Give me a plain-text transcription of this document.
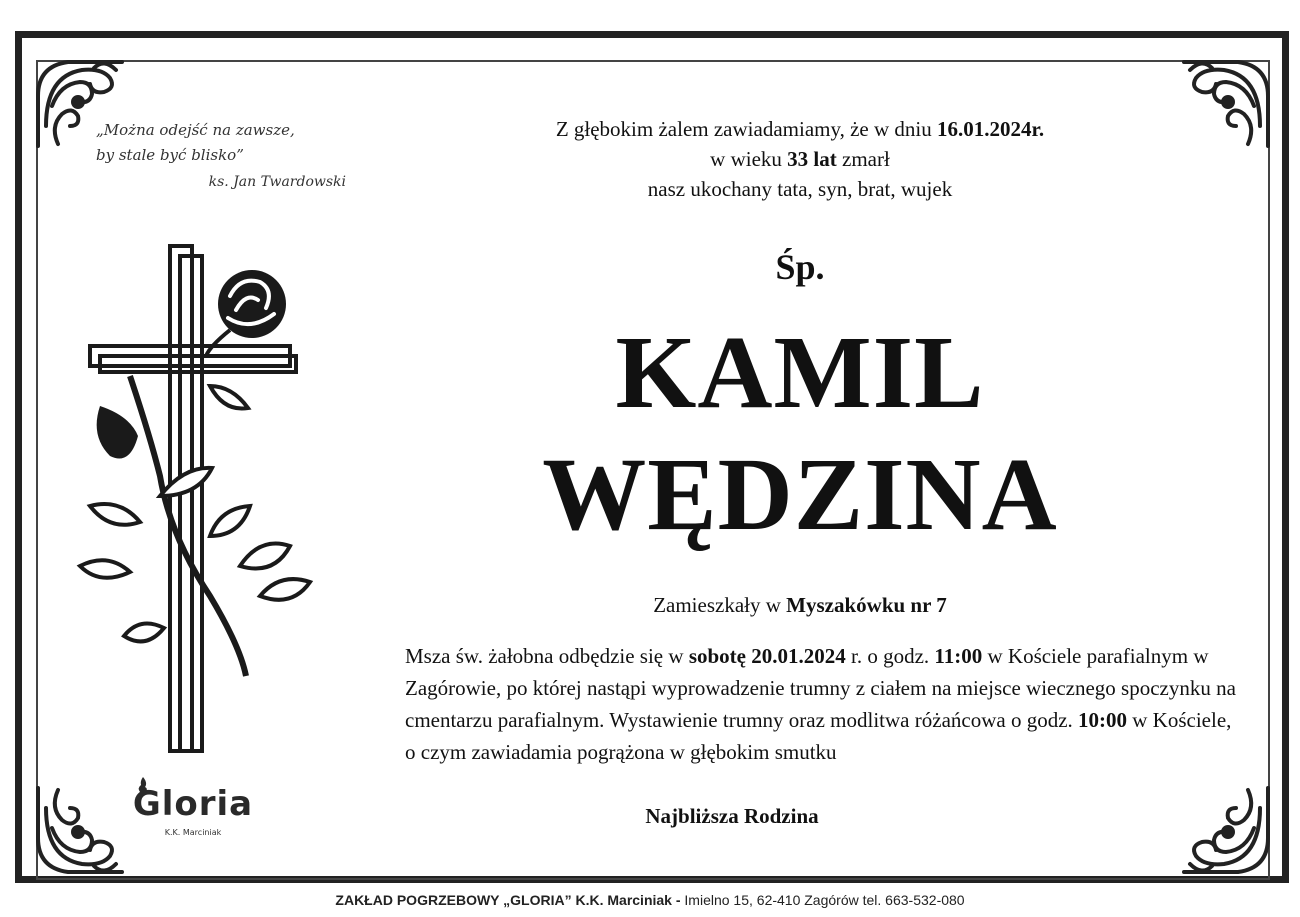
„Można odejść na zawsze,
by stale być blisko”
ks. Jan Twardowski
Gloria
K.K. Marciniak
Z głębokim żalem zawiadamiamy, że w dniu 16.01.2024r.
w wieku 33 lat zmarł
nasz ukochany tata, syn, brat, wujek
Śp.
KAMIL
WĘDZINA
Zamieszkały w Myszakówku nr 7
Msza św. żałobna odbędzie się w sobotę 20.01.2024 r. o godz. 11:00 w Kościele parafialnym w Zagórowie, po której nastąpi wyprowadzenie trumny z ciałem na miejsce wiecznego spoczynku na cmentarzu parafialnym. Wystawienie trumny oraz modlitwa różańcowa o godz. 10:00 w Kościele, o czym zawiadamia pogrążona w głębokim smutku
Najbliższa Rodzina
ZAKŁAD POGRZEBOWY „GLORIA” K.K. Marciniak - Imielno 15, 62-410 Zagórów tel. 663-532-080
